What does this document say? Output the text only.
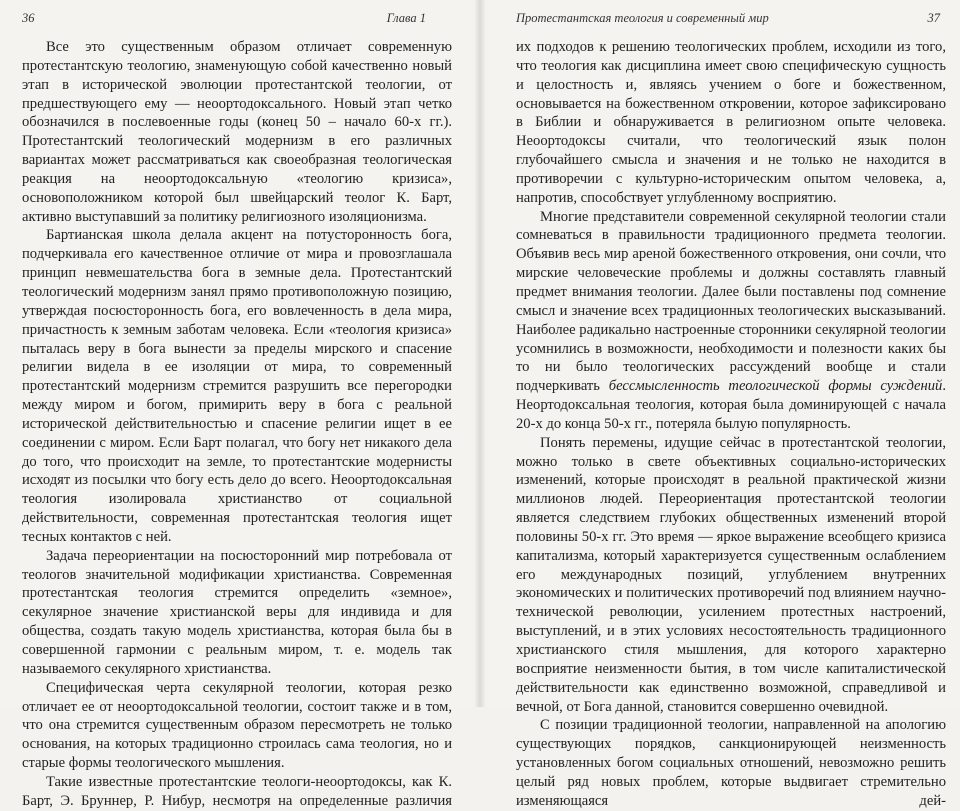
36	Глава 1

Все это существенным образом отличает современную протестантскую теологию, знаменующую собой качественно новый этап в исторической эволюции протестантской теологии, от предшествующего ему — неоортодоксального. Новый этап четко обозначился в послевоенные годы (конец 50 – начало 60-х гг.). Протестантский теологический модернизм в его различных вариантах может рассматриваться как своеобразная теологическая реакция на неоортодоксальную «теологию кризиса», основоположником которой был швейцарский теолог К. Барт, активно выступавший за политику религиозного изоляционизма.

Бартианская школа делала акцент на потусторонность бога, подчеркивала его качественное отличие от мира и провозглашала принцип невмешательства бога в земные дела. Протестантский теологический модернизм занял прямо противоположную позицию, утверждая посюсторонность бога, его вовлеченность в дела мира, причастность к земным заботам человека. Если «теология кризиса» пыталась веру в бога вынести за пределы мирского и спасение религии видела в ее изоляции от мира, то современный протестантский модернизм стремится разрушить все перегородки между миром и богом, примирить веру в бога с реальной исторической действительностью и спасение религии ищет в ее соединении с миром. Если Барт полагал, что богу нет никакого дела до того, что происходит на земле, то протестантские модернисты исходят из посылки что богу есть дело до всего. Неоортодоксальная теология изолировала христианство от социальной действительности, современная протестантская теология ищет тесных контактов с ней.

Задача переориентации на посюсторонний мир потребовала от теологов значительной модификации христианства. Современная протестантская теология стремится определить «земное», секулярное значение христианской веры для индивида и для общества, создать такую модель христианства, которая была бы в совершенной гармонии с реальным миром, т. е. модель так называемого секулярного христианства.

Специфическая черта секулярной теологии, которая резко отличает ее от неоортодоксальной теологии, состоит также и в том, что она стремится существенным образом пересмотреть не только основания, на которых традиционно строилась сама теология, но и старые формы теологического мышления.

Такие известные протестантские теологи-неоортодоксы, как К. Барт, Э. Бруннер, Р. Нибур, несмотря на определенные различия

Протестантская теология и современный мир	37

их подходов к решению теологических проблем, исходили из того, что теология как дисциплина имеет свою специфическую сущность и целостность и, являясь учением о боге и божественном, основывается на божественном откровении, которое зафиксировано в Библии и обнаруживается в религиозном опыте человека. Неоортодоксы считали, что теологический язык полон глубочайшего смысла и значения и не только не находится в противоречии с культурно-историческим опытом человека, а, напротив, способствует углубленному восприятию.

Многие представители современной секулярной теологии стали сомневаться в правильности традиционного предмета теологии. Объявив весь мир ареной божественного откровения, они сочли, что мирские человеческие проблемы и должны составлять главный предмет внимания теологии. Далее были поставлены под сомнение смысл и значение всех традиционных теологических высказываний. Наиболее радикально настроенные сторонники секулярной теологии усомнились в возможности, необходимости и полезности каких бы то ни было теологических рассуждений вообще и стали подчеркивать бессмысленность теологической формы суждений. Неортодоксальная теология, которая была доминирующей с начала 20-х до конца 50-х гг., потеряла былую популярность.

Понять перемены, идущие сейчас в протестантской теологии, можно только в свете объективных социально-исторических изменений, которые происходят в реальной практической жизни миллионов людей. Переориентация протестантской теологии является следствием глубоких общественных изменений второй половины 50-х гг. Это время — яркое выражение всеобщего кризиса капитализма, который характеризуется существенным ослаблением его международных позиций, углублением внутренних экономических и политических противоречий под влиянием научно-технической революции, усилением протестных настроений, выступлений, и в этих условиях несостоятельность традиционного христианского стиля мышления, для которого характерно восприятие неизменности бытия, в том числе капиталистической действительности как единственно возможной, справедливой и вечной, от Бога данной, становится совершенно очевидной.

С позиции традиционной теологии, направленной на апологию существующих порядков, санкционирующей неизменность установленных богом социальных отношений, невозможно решить целый ряд новых проблем, которые выдвигает стремительно изменяющаяся дей-
